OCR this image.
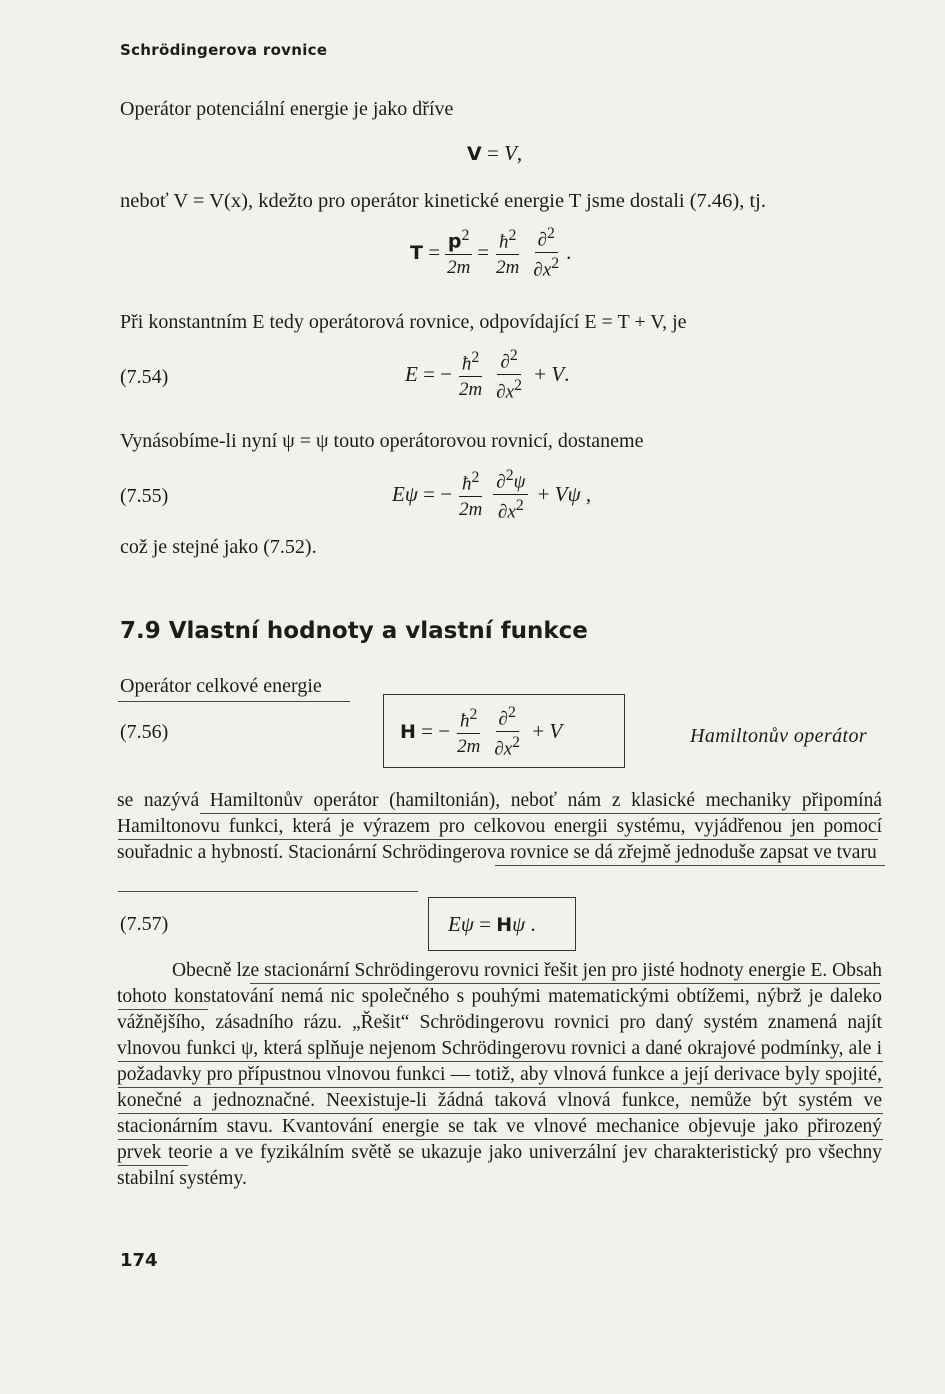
Schrödingerova rovnice
Operátor potenciální energie je jako dříve
V = V ,
neboť V = V(x), kdežto pro operátor kinetické energie T jsme dostali (7.46), tj.
$T = \frac{p^2}{2m} = \frac{ħ^2}{2m} \frac{\partial^2}{\partial x^2}$ .
Při konstantním E tedy operátorová rovnice, odpovídající E = T + V, je
(7.54)	E = − $\frac{ħ^2}{2m} \frac{\partial^2}{\partial x^2} + V$ .
Vynásobíme-li nyní ψ = ψ touto operátorovou rovnicí, dostaneme
(7.55)	Eψ = − $\frac{ħ^2}{2m} \frac{\partial^2\psi}{\partial x^2} + V\psi$ ,
což je stejné jako (7.52).
7.9 Vlastní hodnoty a vlastní funkce
Operátor celkové energie
(7.56)	H = − $\frac{ħ^2}{2m} \frac{\partial^2}{\partial x^2} + V$	Hamiltonův operátor
se nazývá Hamiltonův operátor (hamiltonián), neboť nám z klasické mechaniky připomíná Hamiltonovu funkci, která je výrazem pro celkovou energii systému, vyjádřenou jen pomocí souřadnic a hybností. Stacionární Schrödingerova rovnice se dá zřejmě jednoduše zapsat ve tvaru
(7.57)	Eψ = H ψ .
Obecně lze stacionární Schrödingerovu rovnici řešit jen pro jisté hodnoty energie E. Obsah tohoto konstatování nemá nic společného s pouhými matematickými obtížemi, nýbrž je daleko vážnějšího, zásadního rázu. „Řešit“ Schrödingerovu rovnici pro daný systém znamená najít vlnovou funkci ψ, která splňuje nejenom Schrödingerovu rovnici a dané okrajové podmínky, ale i požadavky pro přípustnou vlnovou funkci — totiž, aby vlnová funkce a její derivace byly spojité, konečné a jednoznačné. Neexistuje-li žádná taková vlnová funkce, nemůže být systém ve stacionárním stavu. Kvantování energie se tak ve vlnové mechanice objevuje jako přirozený prvek teorie a ve fyzikálním světě se ukazuje jako univerzální jev charakteristický pro všechny stabilní systémy.
174
